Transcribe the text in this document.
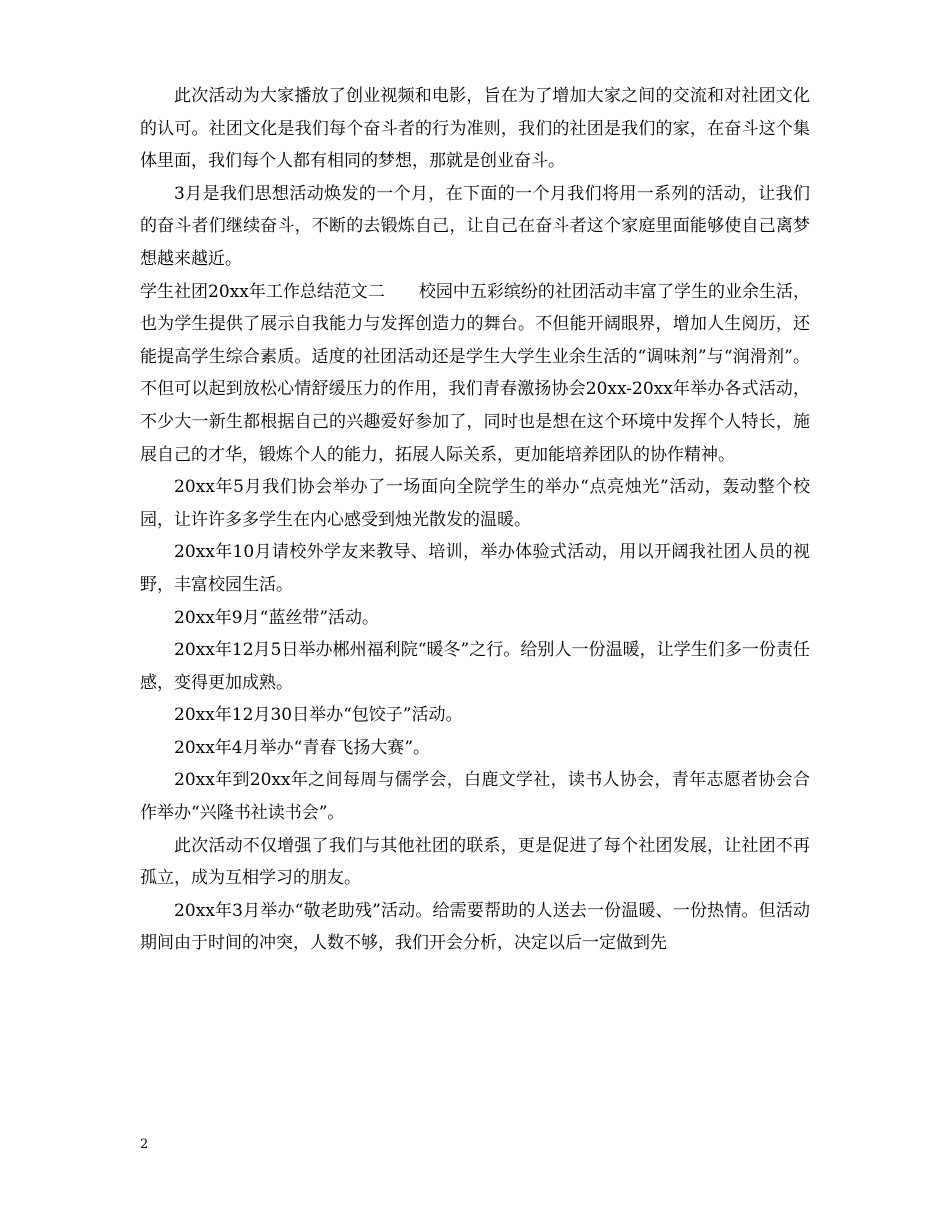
此次活动为大家播放了创业视频和电影，旨在为了增加大家之间的交流和对社团文化的认可。社团文化是我们每个奋斗者的行为准则，我们的社团是我们的家，在奋斗这个集体里面，我们每个人都有相同的梦想，那就是创业奋斗。

3月是我们思想活动焕发的一个月，在下面的一个月我们将用一系列的活动，让我们的奋斗者们继续奋斗，不断的去锻炼自己，让自己在奋斗者这个家庭里面能够使自己离梦想越来越近。

学生社团20xx年工作总结范文二　　校园中五彩缤纷的社团活动丰富了学生的业余生活，也为学生提供了展示自我能力与发挥创造力的舞台。不但能开阔眼界，增加人生阅历，还能提高学生综合素质。适度的社团活动还是学生大学生业余生活的“调味剂”与“润滑剂”。不但可以起到放松心情舒缓压力的作用，我们青春激扬协会20xx-20xx年举办各式活动，不少大一新生都根据自己的兴趣爱好参加了，同时也是想在这个环境中发挥个人特长，施展自己的才华，锻炼个人的能力，拓展人际关系，更加能培养团队的协作精神。

20xx年5月我们协会举办了一场面向全院学生的举办“点亮烛光”活动，轰动整个校园，让许许多多学生在内心感受到烛光散发的温暖。

20xx年10月请校外学友来教导、培训，举办体验式活动，用以开阔我社团人员的视野，丰富校园生活。

20xx年9月“蓝丝带”活动。

20xx年12月5日举办郴州福利院“暖冬”之行。给别人一份温暖，让学生们多一份责任感，变得更加成熟。

20xx年12月30日举办“包饺子”活动。

20xx年4月举办“青春飞扬大赛”。

20xx年到20xx年之间每周与儒学会，白鹿文学社，读书人协会，青年志愿者协会合作举办“兴隆书社读书会”。

此次活动不仅增强了我们与其他社团的联系，更是促进了每个社团发展，让社团不再孤立，成为互相学习的朋友。

20xx年3月举办“敬老助残”活动。给需要帮助的人送去一份温暖、一份热情。但活动期间由于时间的冲突，人数不够，我们开会分析，决定以后一定做到先

2
